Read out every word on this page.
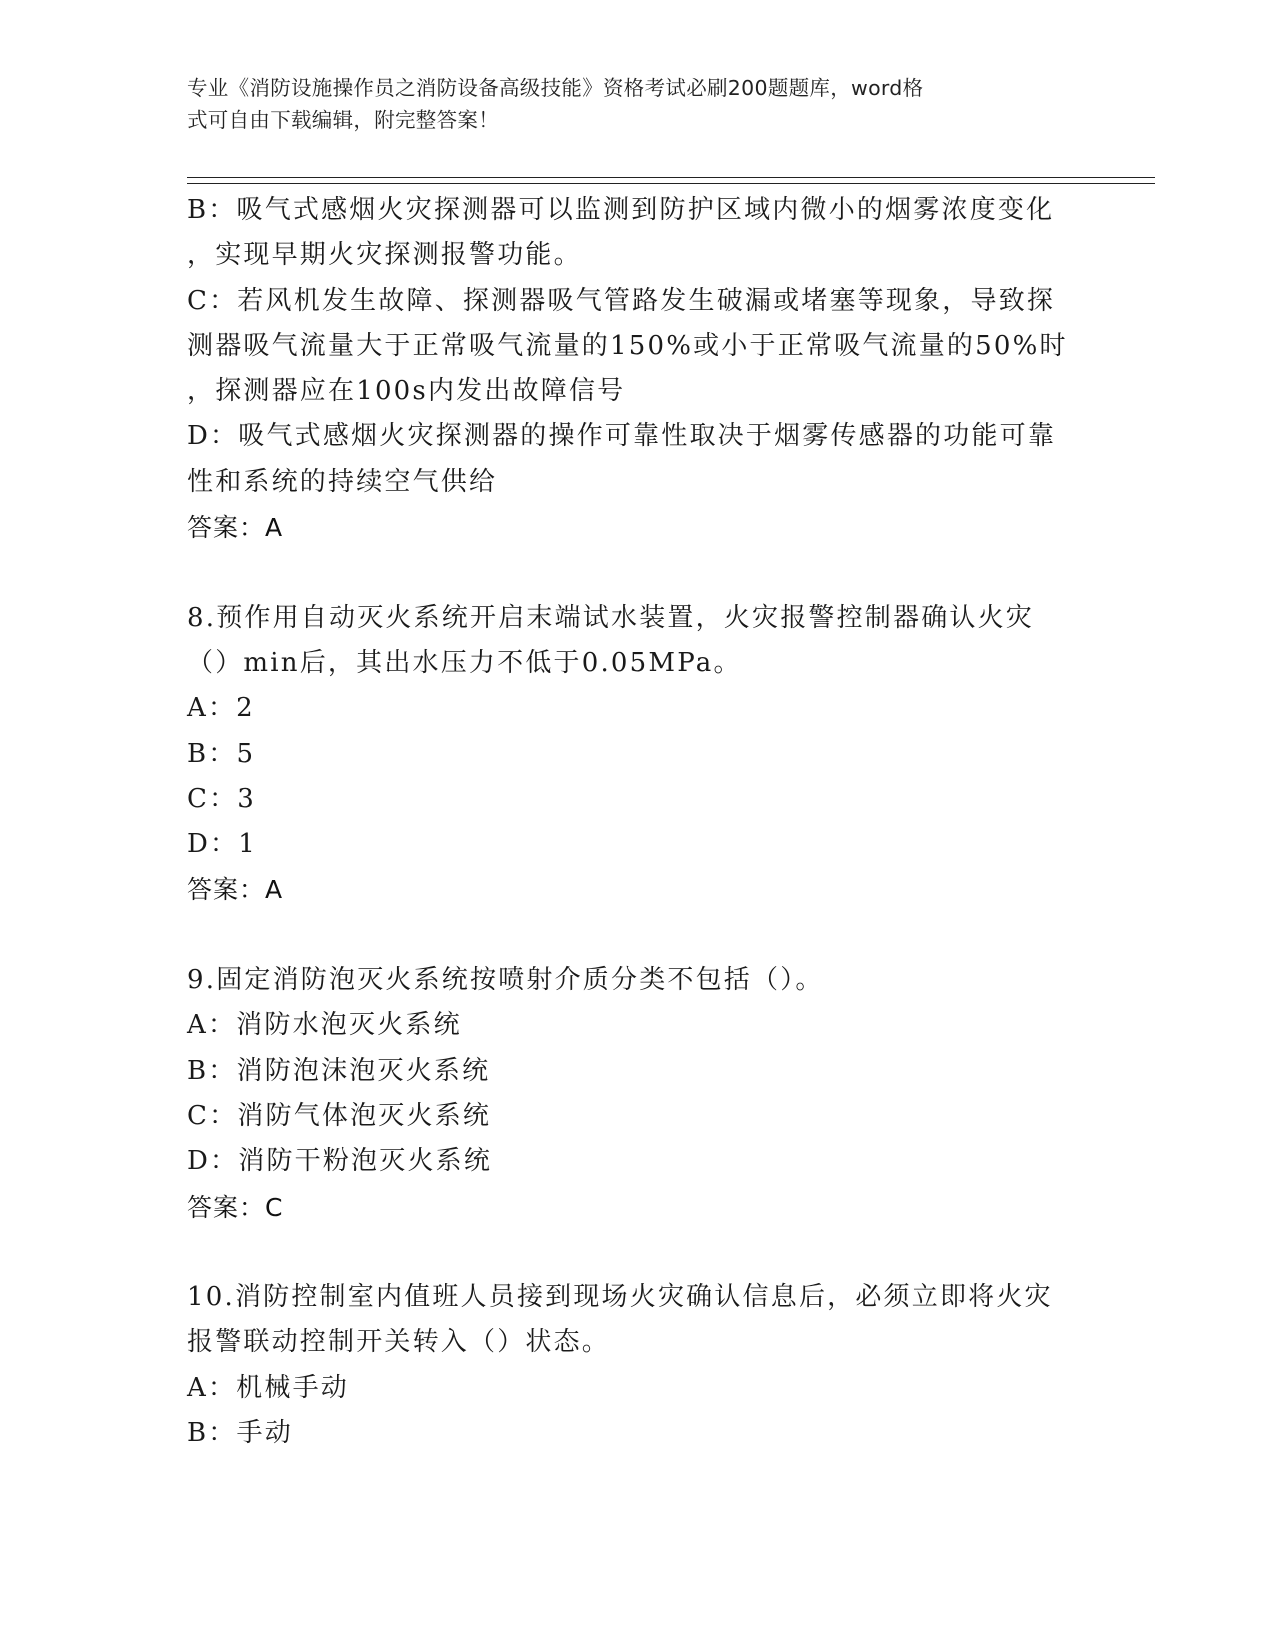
专业《消防设施操作员之消防设备高级技能》资格考试必刷200题题库，word格
式可自由下载编辑，附完整答案！
B：吸气式感烟火灾探测器可以监测到防护区域内微小的烟雾浓度变化
，实现早期火灾探测报警功能。
C：若风机发生故障、探测器吸气管路发生破漏或堵塞等现象，导致探
测器吸气流量大于正常吸气流量的150%或小于正常吸气流量的50%时
，探测器应在100s内发出故障信号
D：吸气式感烟火灾探测器的操作可靠性取决于烟雾传感器的功能可靠
性和系统的持续空气供给
答案：A
8.预作用自动灭火系统开启末端试水装置，火灾报警控制器确认火灾
（）min后，其出水压力不低于0.05MPa。
A：2
B：5
C：3
D：1
答案：A
9.固定消防泡灭火系统按喷射介质分类不包括（）。
A：消防水泡灭火系统
B：消防泡沫泡灭火系统
C：消防气体泡灭火系统
D：消防干粉泡灭火系统
答案：C
10.消防控制室内值班人员接到现场火灾确认信息后，必须立即将火灾
报警联动控制开关转入（）状态。
A：机械手动
B：手动
